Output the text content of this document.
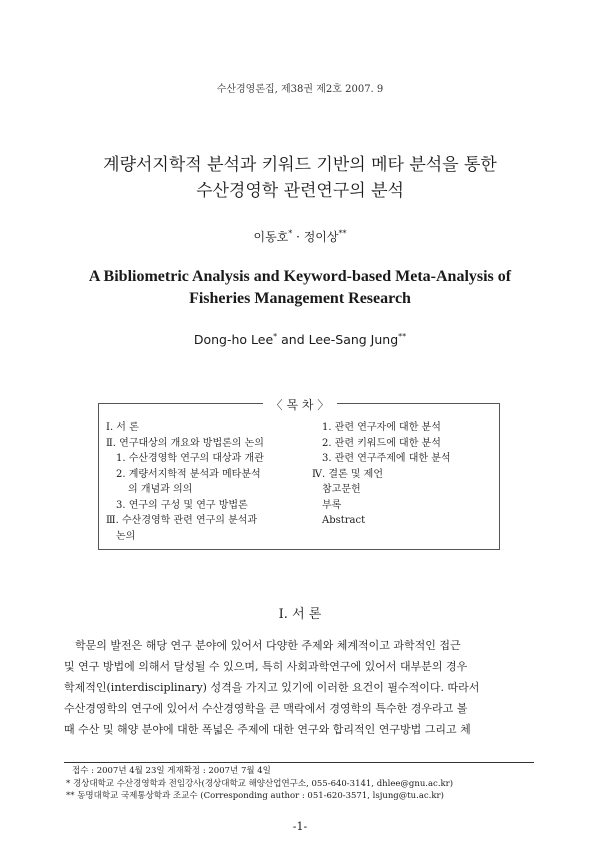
수산경영론집, 제38권 제2호 2007. 9
계량서지학적 분석과 키워드 기반의 메타 분석을 통한
수산경영학 관련연구의 분석
이동호* · 정이상**
A Bibliometric Analysis and Keyword-based Meta-Analysis of
Fisheries Management Research
Dong-ho Lee* and Lee-Sang Jung**
〈 목 차 〉
Ⅰ. 서 론
Ⅱ. 연구대상의 개요와 방법론의 논의
1. 수산경영학 연구의 대상과 개관
2. 계량서지학적 분석과 메타분석
의 개념과 의의
3. 연구의 구성 및 연구 방법론
Ⅲ. 수산경영학 관련 연구의 분석과
논의
1. 관련 연구자에 대한 분석
2. 관련 키워드에 대한 분석
3. 관련 연구주제에 대한 분석
Ⅳ. 결론 및 제언
참고문헌
부록
Abstract
Ⅰ. 서 론
학문의 발전은 해당 연구 분야에 있어서 다양한 주제와 체계적이고 과학적인 접근
및 연구 방법에 의해서 달성될 수 있으며, 특히 사회과학연구에 있어서 대부분의 경우
학제적인(interdisciplinary) 성격을 가지고 있기에 이러한 요건이 필수적이다. 따라서
수산경영학의 연구에 있어서 수산경영학을 큰 맥락에서 경영학의 특수한 경우라고 볼
때 수산 및 해양 분야에 대한 폭넓은 주제에 대한 연구와 합리적인 연구방법 그리고 체
접수 : 2007년 4월 23일 게재확정 : 2007년 7월 4일
* 경상대학교 수산경영학과 전임강사(경상대학교 해양산업연구소, 055-640-3141, dhlee@gnu.ac.kr)
** 동명대학교 국제통상학과 조교수 (Corresponding author : 051-620-3571, lsjung@tu.ac.kr)
-1-
